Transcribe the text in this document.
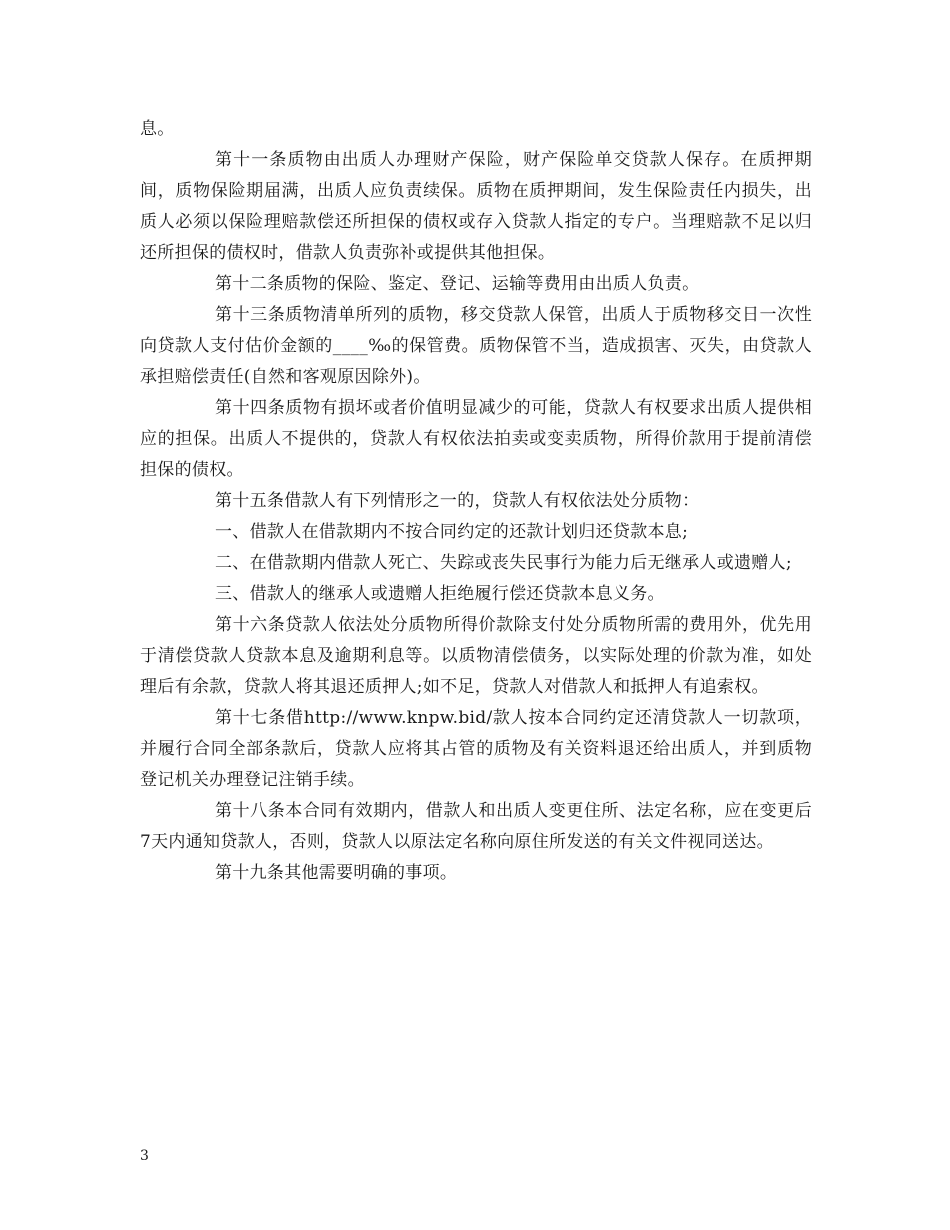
息。

第十一条质物由出质人办理财产保险，财产保险单交贷款人保存。在质押期间，质物保险期届满，出质人应负责续保。质物在质押期间，发生保险责任内损失，出质人必须以保险理赔款偿还所担保的债权或存入贷款人指定的专户。当理赔款不足以归还所担保的债权时，借款人负责弥补或提供其他担保。

第十二条质物的保险、鉴定、登记、运输等费用由出质人负责。

第十三条质物清单所列的质物，移交贷款人保管，出质人于质物移交日一次性向贷款人支付估价金额的____‰的保管费。质物保管不当，造成损害、灭失，由贷款人承担赔偿责任(自然和客观原因除外)。

第十四条质物有损坏或者价值明显减少的可能，贷款人有权要求出质人提供相应的担保。出质人不提供的，贷款人有权依法拍卖或变卖质物，所得价款用于提前清偿担保的债权。

第十五条借款人有下列情形之一的，贷款人有权依法处分质物：

一、借款人在借款期内不按合同约定的还款计划归还贷款本息;

二、在借款期内借款人死亡、失踪或丧失民事行为能力后无继承人或遗赠人;

三、借款人的继承人或遗赠人拒绝履行偿还贷款本息义务。

第十六条贷款人依法处分质物所得价款除支付处分质物所需的费用外，优先用于清偿贷款人贷款本息及逾期利息等。以质物清偿债务，以实际处理的价款为准，如处理后有余款，贷款人将其退还质押人;如不足，贷款人对借款人和抵押人有追索权。

第十七条借http://www.knpw.bid/款人按本合同约定还清贷款人一切款项，并履行合同全部条款后，贷款人应将其占管的质物及有关资料退还给出质人，并到质物登记机关办理登记注销手续。

第十八条本合同有效期内，借款人和出质人变更住所、法定名称，应在变更后7天内通知贷款人，否则，贷款人以原法定名称向原住所发送的有关文件视同送达。

第十九条其他需要明确的事项。

3
